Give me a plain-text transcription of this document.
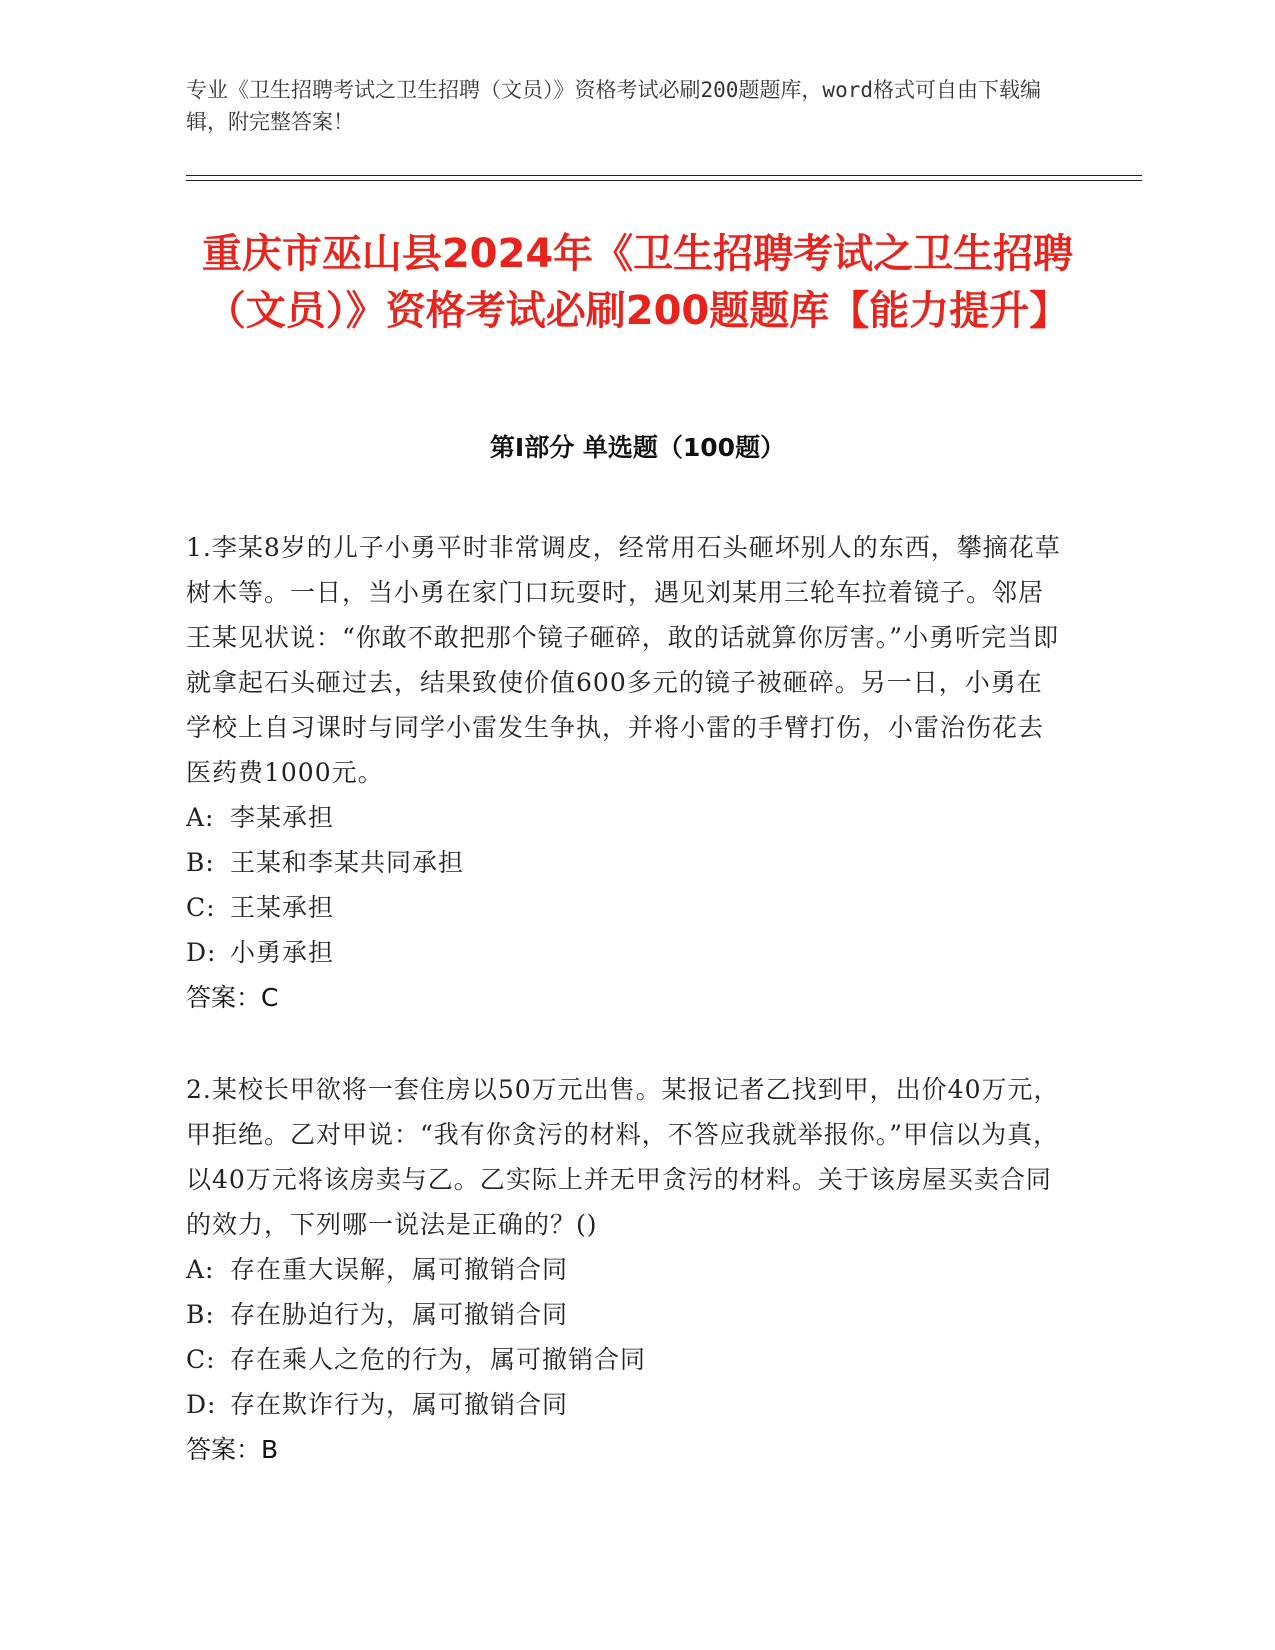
专业《卫生招聘考试之卫生招聘（文员）》资格考试必刷200题题库，word格式可自由下载编辑，附完整答案！
重庆市巫山县2024年《卫生招聘考试之卫生招聘（文员）》资格考试必刷200题题库【能力提升】
第Ⅰ部分 单选题（100题）

1.李某8岁的儿子小勇平时非常调皮，经常用石头砸坏别人的东西，攀摘花草树木等。一日，当小勇在家门口玩耍时，遇见刘某用三轮车拉着镜子。邻居王某见状说：“你敢不敢把那个镜子砸碎，敢的话就算你厉害。”小勇听完当即就拿起石头砸过去，结果致使价值600多元的镜子被砸碎。另一日，小勇在学校上自习课时与同学小雷发生争执，并将小雷的手臂打伤，小雷治伤花去医药费1000元。

A: 李某承担

B: 王某和李某共同承担

C: 王某承担

D: 小勇承担

答案：C

2.某校长甲欲将一套住房以50万元出售。某报记者乙找到甲，出价40万元，甲拒绝。乙对甲说：“我有你贪污的材料，不答应我就举报你。”甲信以为真，以40万元将该房卖与乙。乙实际上并无甲贪污的材料。关于该房屋买卖合同的效力，下列哪一说法是正确的？()

A: 存在重大误解，属可撤销合同

B: 存在胁迫行为，属可撤销合同

C: 存在乘人之危的行为，属可撤销合同

D: 存在欺诈行为，属可撤销合同

答案：B
